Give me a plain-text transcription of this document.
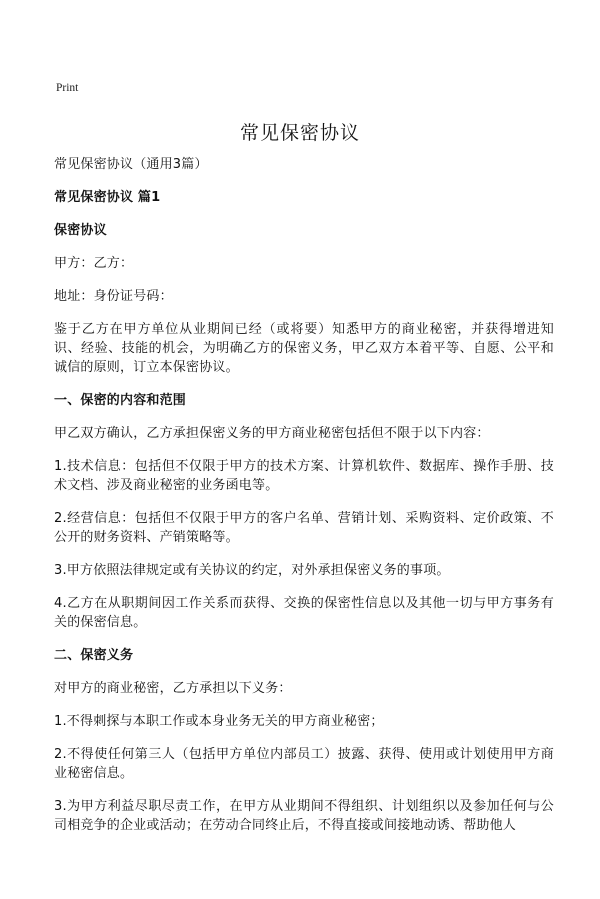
Print
常见保密协议

常见保密协议（通用3篇）

常见保密协议 篇1

保密协议

甲方：乙方：

地址：身份证号码：

鉴于乙方在甲方单位从业期间已经（或将要）知悉甲方的商业秘密，并获得增进知识、经验、技能的机会，为明确乙方的保密义务，甲乙双方本着平等、自愿、公平和诚信的原则，订立本保密协议。

一、保密的内容和范围

甲乙双方确认，乙方承担保密义务的甲方商业秘密包括但不限于以下内容：

1.技术信息：包括但不仅限于甲方的技术方案、计算机软件、数据库、操作手册、技术文档、涉及商业秘密的业务函电等。

2.经营信息：包括但不仅限于甲方的客户名单、营销计划、采购资料、定价政策、不公开的财务资料、产销策略等。

3.甲方依照法律规定或有关协议的约定，对外承担保密义务的事项。

4.乙方在从职期间因工作关系而获得、交换的保密性信息以及其他一切与甲方事务有关的保密信息。

二、保密义务

对甲方的商业秘密，乙方承担以下义务：

1.不得刺探与本职工作或本身业务无关的甲方商业秘密；

2.不得使任何第三人（包括甲方单位内部员工）披露、获得、使用或计划使用甲方商业秘密信息。

3.为甲方利益尽职尽责工作，在甲方从业期间不得组织、计划组织以及参加任何与公司相竞争的企业或活动；在劳动合同终止后，不得直接或间接地动诱、帮助他人
